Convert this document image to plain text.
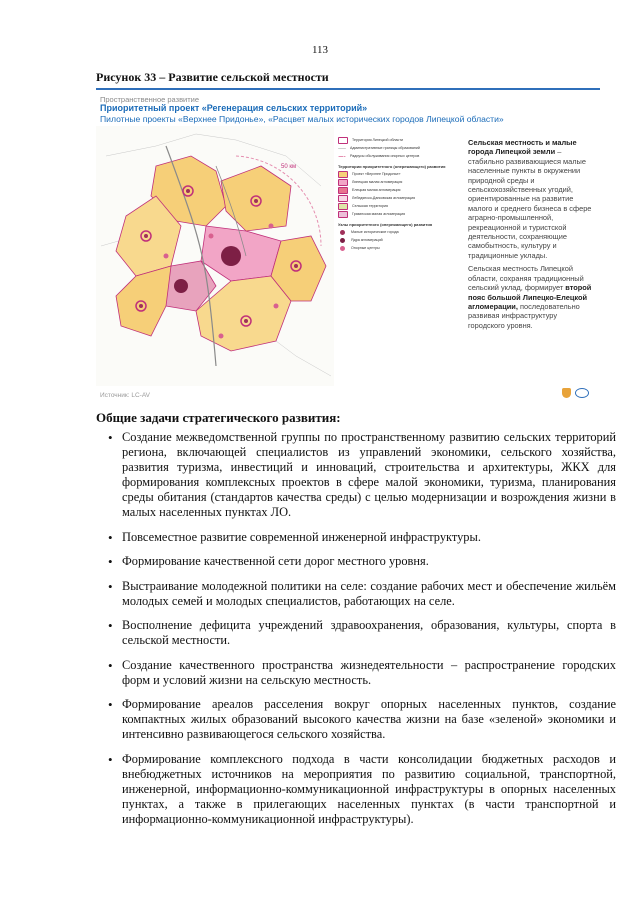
113
Рисунок 33 – Развитие сельской местности
Пространственное развитие
Приоритетный проект «Регенерация сельских территорий»
Пилотные проекты «Верхнее Придонье», «Расцвет малых исторических городов Липецкой области»
50 км
Территория Липецкой области
Административные границы образований
Радиусы обслуживания опорных центров
Территории приоритетного (опережающего) развития
Проект «Верхнее Придонье»
Липецкая малая агломерация
Елецкая малая агломерация
Лебедянско-Данковская агломерация
Сельская территория
Грязинская малая агломерация
Узлы приоритетного (опережающего) развития
Малые исторические города
Ядра агломераций
Опорные центры

Сельская местность и малые города Липецкой земли – стабильно развивающиеся малые населенные пункты в окружении природной среды и сельскохозяйственных угодий, ориентированные на развитие малого и среднего бизнеса в сфере аграрно-промышленной, рекреационной и туристской деятельности, сохраняющие самобытность, культуру и традиционные уклады.

Сельская местность Липецкой области, сохраняя традиционный сельский уклад, формирует второй пояс большой Липецко-Елецкой агломерации, последовательно развивая инфраструктуру городского уровня.

Источник: LC-AV
Общие задачи стратегического развития:
• Создание межведомственной группы по пространственному развитию сельских территорий региона, включающей специалистов из управлений экономики, сельского хозяйства, развития туризма, инвестиций и инноваций, строительства и архитектуры, ЖКХ для формирования комплексных проектов в сфере малой экономики, туризма, планирования среды обитания (стандартов качества среды) с целью модернизации и возрождения жизни в малых населенных пунктах ЛО.
• Повсеместное развитие современной инженерной инфраструктуры.
• Формирование качественной сети дорог местного уровня.
• Выстраивание молодежной политики на селе: создание рабочих мест и обеспечение жильём молодых семей и молодых специалистов, работающих на селе.
• Восполнение дефицита учреждений здравоохранения, образования, культуры, спорта в сельской местности.
• Создание качественного пространства жизнедеятельности – распространение городских форм и условий жизни на сельскую местность.
• Формирование ареалов расселения вокруг опорных населенных пунктов, создание компактных жилых образований высокого качества жизни на базе «зеленой» экономики и интенсивно развивающегося сельского хозяйства.
• Формирование комплексного подхода в части консолидации бюджетных расходов и внебюджетных источников на мероприятия по развитию социальной, транспортной, инженерной, информационно-коммуникационной инфраструктуры в опорных населенных пунктах, а также в прилегающих населенных пунктах (в части транспортной и информационно-коммуникационной инфраструктуры).
